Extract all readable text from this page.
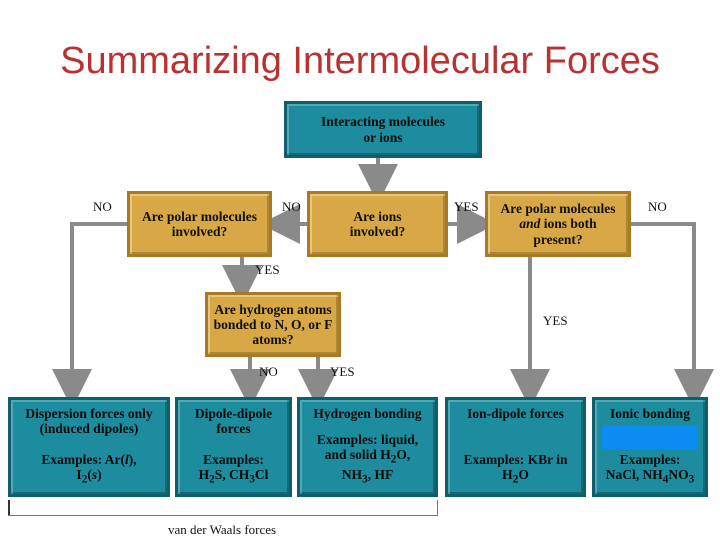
Summarizing Intermolecular Forces
Interacting molecules or ions
Are polar molecules involved?
Are ions involved?
Are polar molecules and ions both present?
Are hydrogen atoms bonded to N, O, or F atoms?
Dispersion forces only (induced dipoles)
Examples: Ar(l),
$I_2(s)$
Dipole-dipole
forces
Examples:
$H_2S$, $CH_3Cl$
Hydrogen bonding
Examples: liquid,
and solid $H_2O$,
$NH_3$, HF
Ion-dipole forces
Examples: KBr in
$H_2O$
Ionic bonding
Examples:
NaCl, $NH_4NO_3$
NO	NO	YES	NO
YES
YES
NO	YES
van der Waals forces
